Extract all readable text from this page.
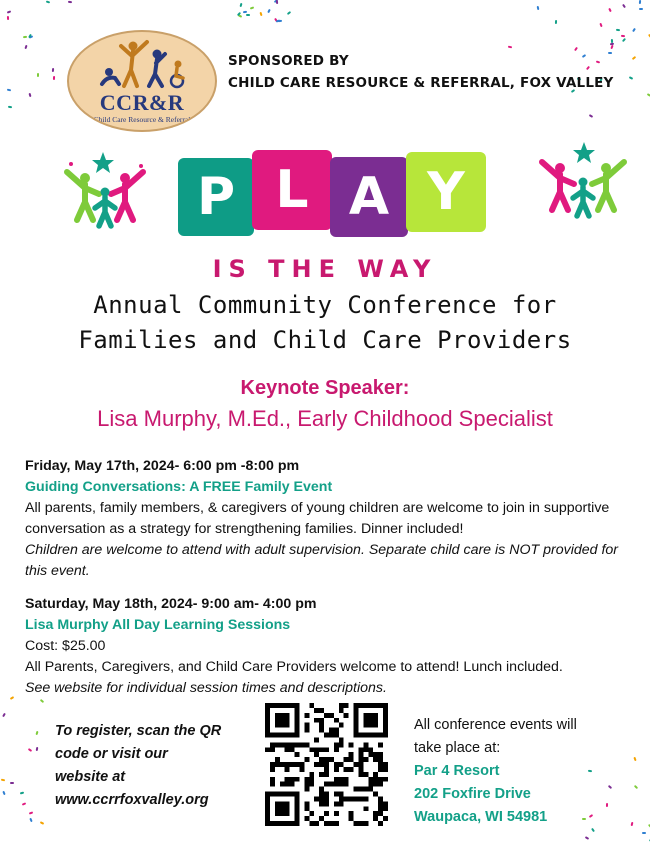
CCR&R
Child Care Resource & Referral
SPONSORED BY
CHILD CARE RESOURCE & REFERRAL, FOX VALLEY
P L A Y
IS THE WAY
Annual Community Conference for
Families and Child Care Providers
Keynote Speaker:
Lisa Murphy, M.Ed., Early Childhood Specialist
Friday, May 17th, 2024- 6:00 pm -8:00 pm
Guiding Conversations: A FREE Family Event

All parents, family members, & caregivers of young children are welcome to join in supportive conversation as a strategy for strengthening families. Dinner included!

Children are welcome to attend with adult supervision. Separate child care is NOT provided for this event.

Saturday, May 18th, 2024- 9:00 am- 4:00 pm
Lisa Murphy All Day Learning Sessions
Cost: $25.00

All Parents, Caregivers, and Child Care Providers welcome to attend! Lunch included.

See website for individual session times and descriptions.

To register, scan the QR
code or visit our
website at
www.ccrrfoxvalley.org
All conference events will
take place at:
Par 4 Resort
202 Foxfire Drive
Waupaca, WI 54981
